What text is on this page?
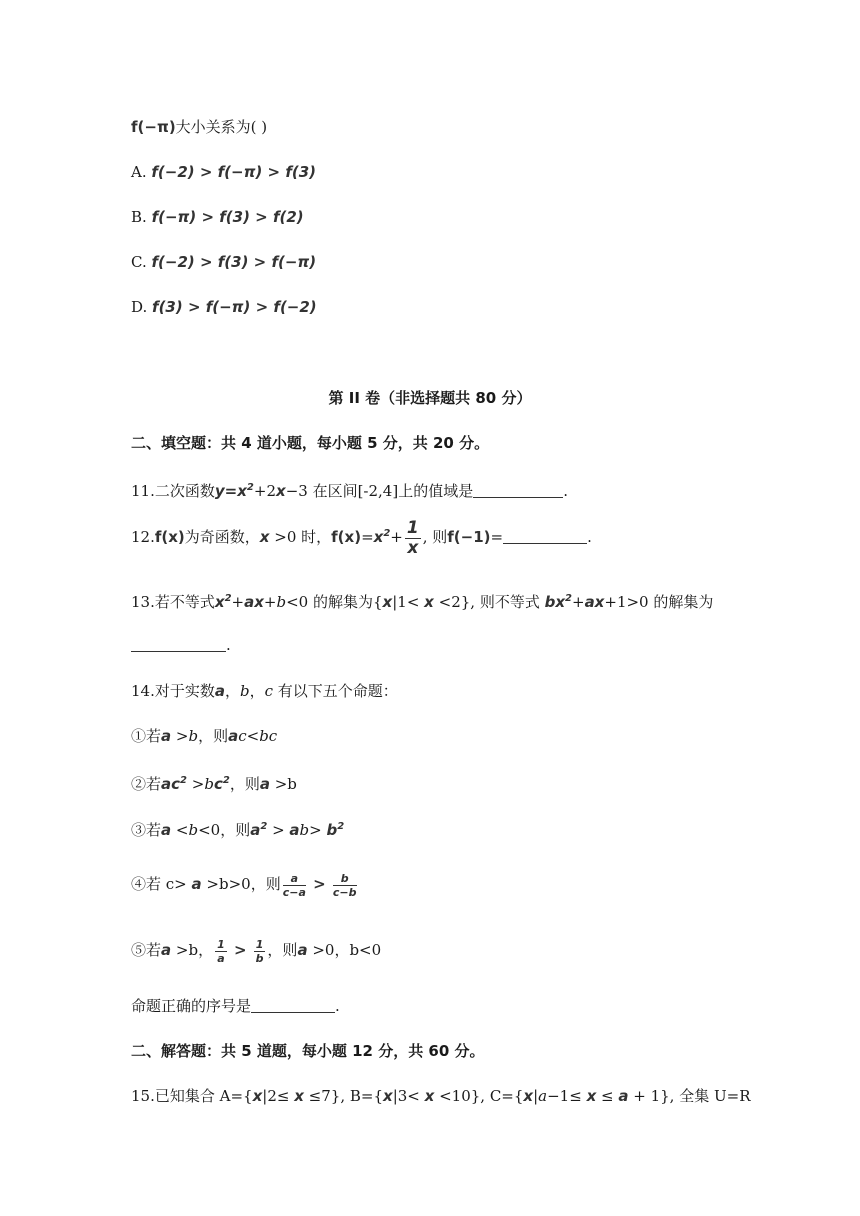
f(−π)大小关系为( )
A. f(−2) > f(−π) > f(3)
B. f(−π) > f(3) > f(2)
C. f(−2) > f(3) > f(−π)
D. f(3) > f(−π) > f(−2)
第 II 卷（非选择题共 80 分）
二、填空题：共 4 道小题，每小题 5 分，共 20 分。
11.二次函数$y=x^2+2x-3$ 在区间[-2,4]上的值域是	.
12.f(x)为奇函数，x >0 时，$f(x)=x^2+ \frac{1}{x}$ , 则f(−1)=	.
13.若不等式$x^2+ax+b<0$ 的解集为{x|1< x <2}, 则不等式 $bx^2+ax+1>0$ 的解集为
.
14.对于实数a，b，c 有以下五个命题：
①若a >b，则ac<bc
②若$ac^2 >bc^2$，则a >b
③若a <b<0，则$a^2 > ab> b^2$
④若 c> a >b>0，则 $\frac{a}{c-a} > \frac{b}{c-b}$
⑤若a >b， $\frac{1}{a} > \frac{1}{b}$ ，则a >0，b<0
命题正确的序号是	.
二、解答题：共 5 道题，每小题 12 分，共 60 分。
15.已知集合 A={x|2≤ x ≤7}, B={x|3< x <10}, C={x|a−1≤ x ≤ a + 1}, 全集 U=R
